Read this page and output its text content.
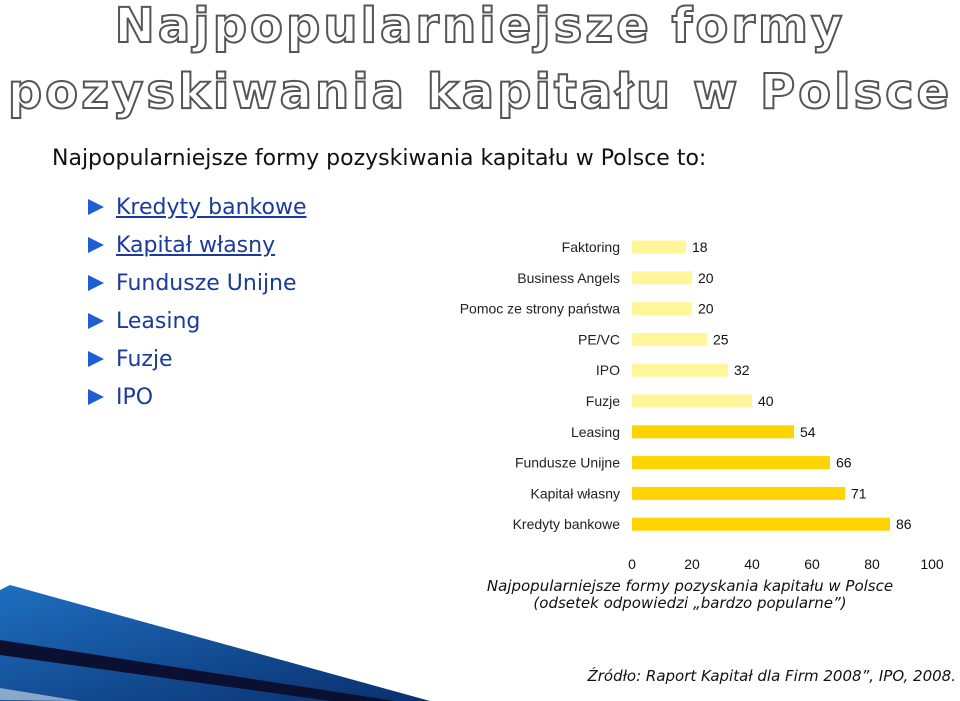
Najpopularniejsze formy
pozyskiwania kapitału w Polsce
Najpopularniejsze formy pozyskiwania kapitału w Polsce to:
Kredyty bankowe
Kapitał własny
Fundusze Unijne
Leasing
Fuzje
IPO
Faktoring	18
Business Angels	20
Pomoc ze strony państwa	20
PE/VC	25
IPO	32
Fuzje	40
Leasing	54
Fundusze Unijne	66
Kapitał własny	71
Kredyty bankowe	86
0	20	40	60	80	100
Najpopularniejsze formy pozyskania kapitału w Polsce
(odsetek odpowiedzi „bardzo popularne”)
Źródło: Raport Kapitał dla Firm 2008”, IPO, 2008.
